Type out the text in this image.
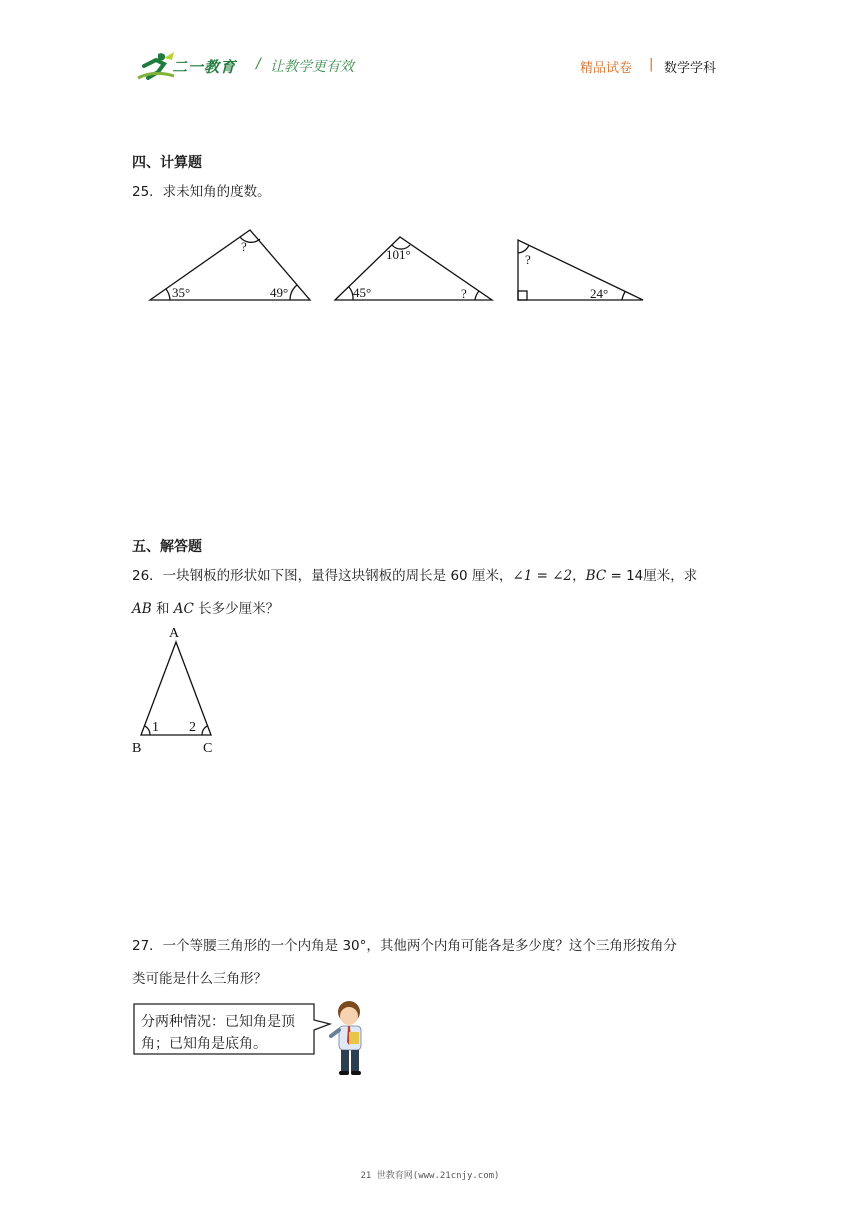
二一教育 / 让教学更有效	精品试卷 | 数学学科
四、计算题
25．求未知角的度数。
?
35°	49°
101°
45°	?
?
24°
五、解答题
26．一块钢板的形状如下图，量得这块钢板的周长是 60 厘米，∠1 = ∠2，BC = 14厘米，求
AB 和 AC 长多少厘米？
A
B	C
1 2
27．一个等腰三角形的一个内角是 30°，其他两个内角可能各是多少度？这个三角形按角分
类可能是什么三角形？
分两种情况：已知角是顶
角；已知角是底角。
21 世教育网(www.21cnjy.com)
